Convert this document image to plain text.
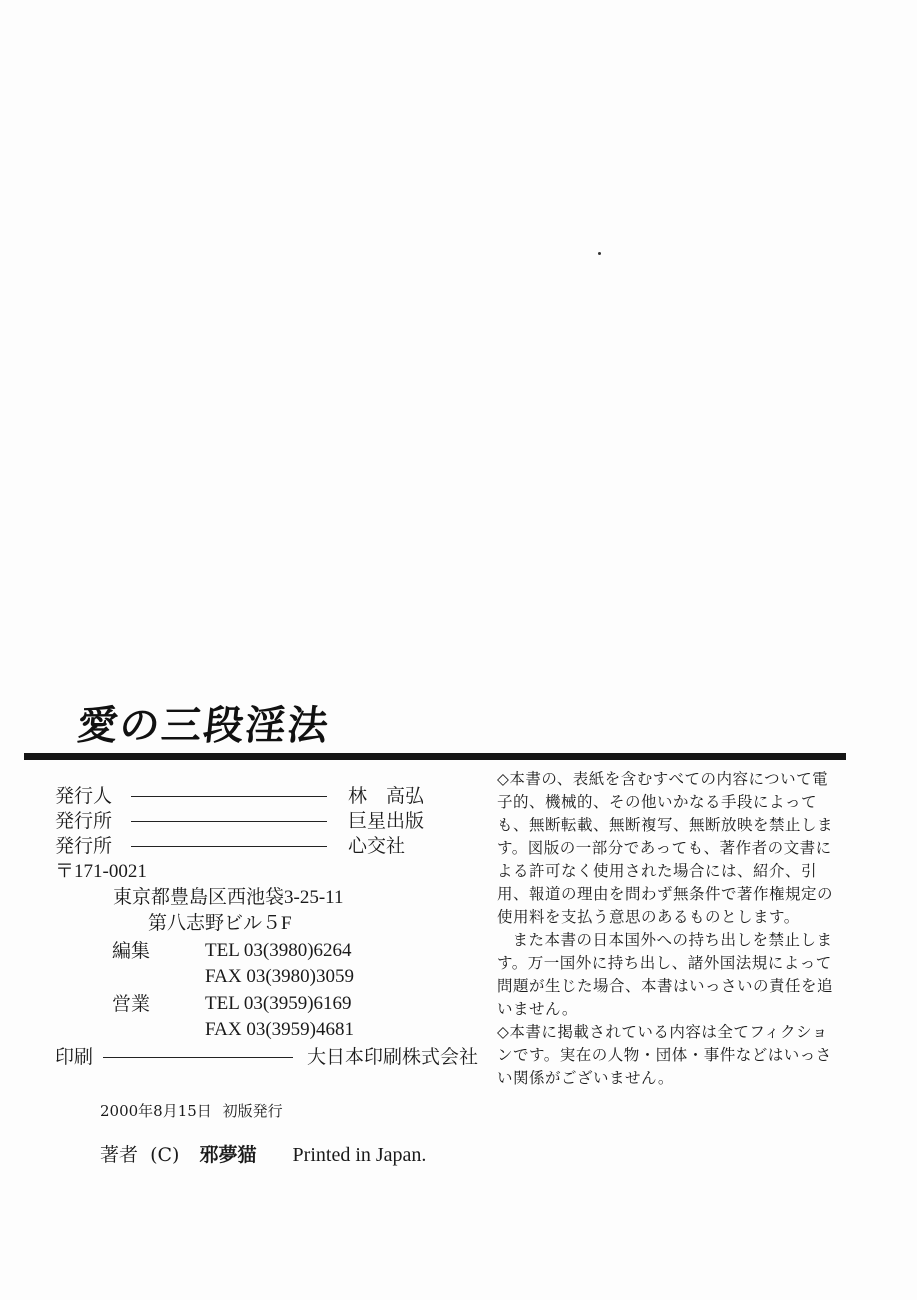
愛の三段淫法
発行人	林　高弘
発行所	巨星出版
発行所	心交社
〒171-0021
東京都豊島区西池袋3-25-11
第八志野ビル５F
編集	TEL 03(3980)6264
FAX 03(3980)3059
営業	TEL 03(3959)6169
FAX 03(3959)4681
印刷	大日本印刷株式会社

◇本書の、表紙を含むすべての内容について電子的、機械的、その他いかなる手段によっても、無断転載、無断複写、無断放映を禁止します。図版の一部分であっても、著作者の文書による許可なく使用された場合には、紹介、引用、報道の理由を問わず無条件で著作権規定の使用料を支払う意思のあるものとします。

また本書の日本国外への持ち出しを禁止します。万一国外に持ち出し、諸外国法規によって問題が生じた場合、本書はいっさいの責任を追いません。

◇本書に掲載されている内容は全てフィクションです。実在の人物・団体・事件などはいっさい関係がございません。

2000年8月15日 初版発行
著者 (C) 邪夢猫 Printed in Japan.
